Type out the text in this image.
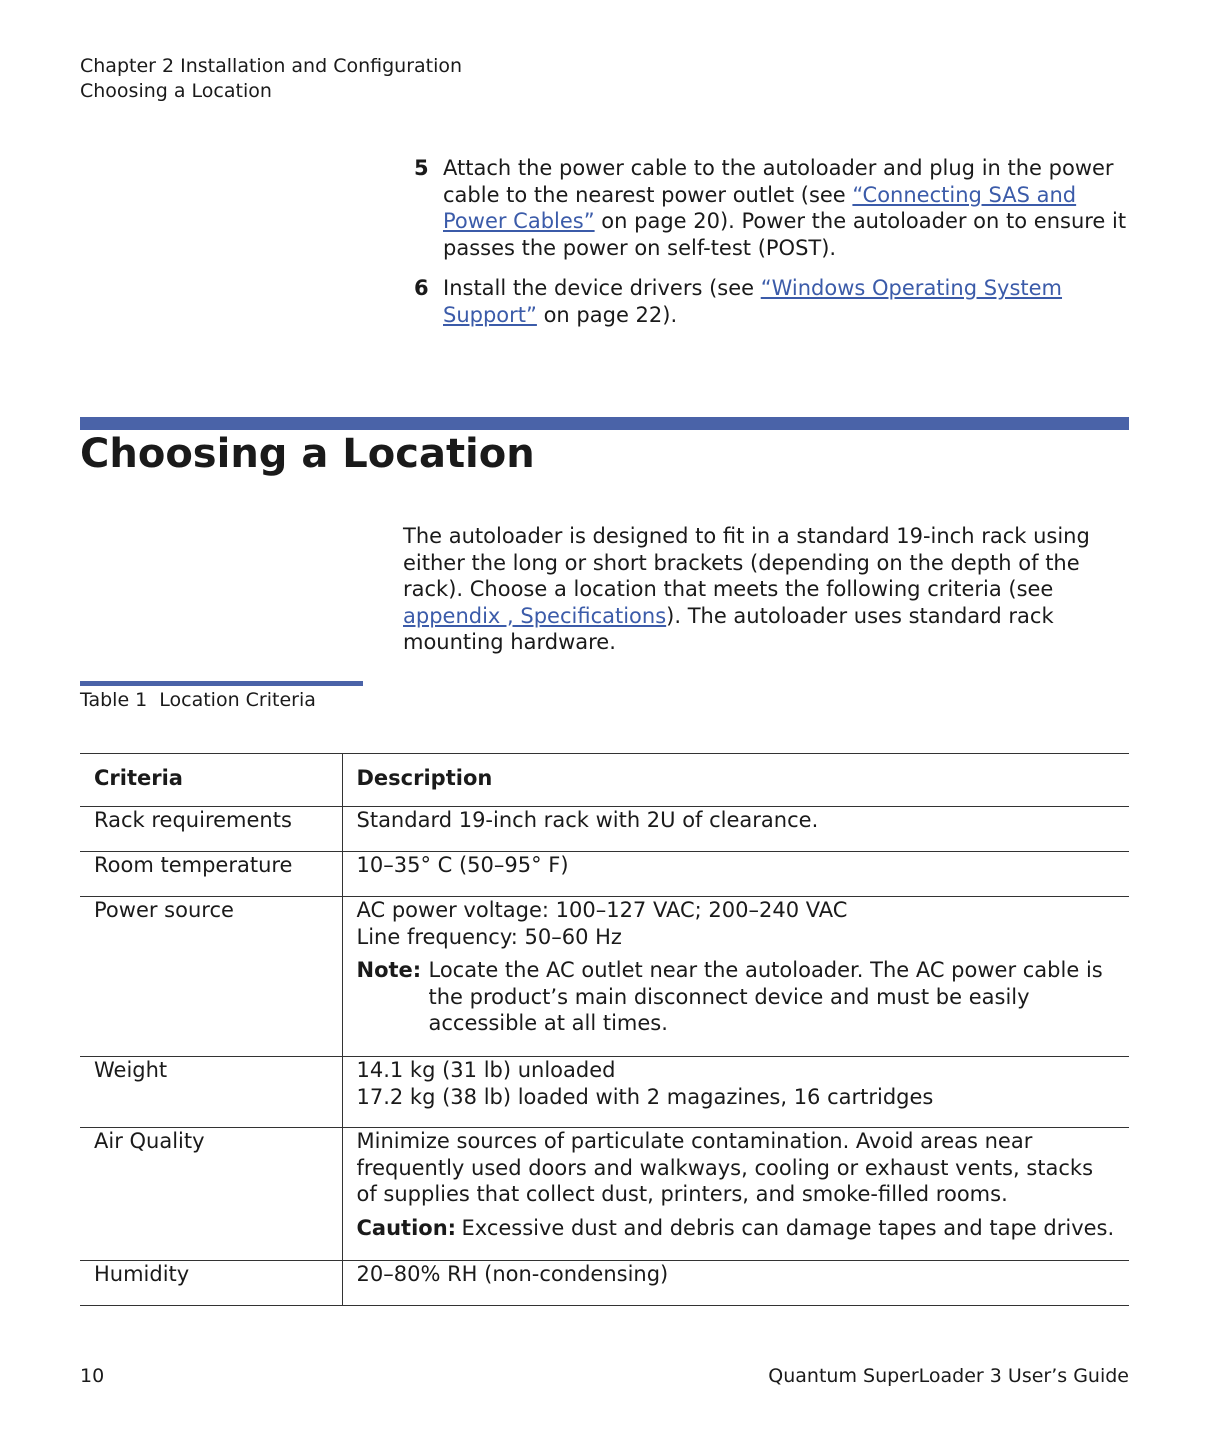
Chapter 2 Installation and Configuration
Choosing a Location
5 Attach the power cable to the autoloader and plug in the power cable to the nearest power outlet (see “Connecting SAS and Power Cables” on page 20). Power the autoloader on to ensure it passes the power on self-test (POST).
6 Install the device drivers (see “Windows Operating System Support” on page 22).
Choosing a Location
The autoloader is designed to fit in a standard 19-inch rack using either the long or short brackets (depending on the depth of the rack). Choose a location that meets the following criteria (see appendix , Specifications). The autoloader uses standard rack mounting hardware.
Table 1 Location Criteria
Criteria	Description
Rack requirements	Standard 19-inch rack with 2U of clearance.
Room temperature	10–35° C (50–95° F)
Power source	AC power voltage: 100–127 VAC; 200–240 VAC
Line frequency: 50–60 Hz
Note: Locate the AC outlet near the autoloader. The AC power cable is the product’s main disconnect device and must be easily accessible at all times.

Weight	14.1 kg (31 lb) unloaded
17.2 kg (38 lb) loaded with 2 magazines, 16 cartridges

Air Quality	Minimize sources of particulate contamination. Avoid areas near frequently used doors and walkways, cooling or exhaust vents, stacks of supplies that collect dust, printers, and smoke-filled rooms.
Caution: Excessive dust and debris can damage tapes and tape drives.

Humidity	20–80% RH (non-condensing)
10	Quantum SuperLoader 3 User’s Guide
